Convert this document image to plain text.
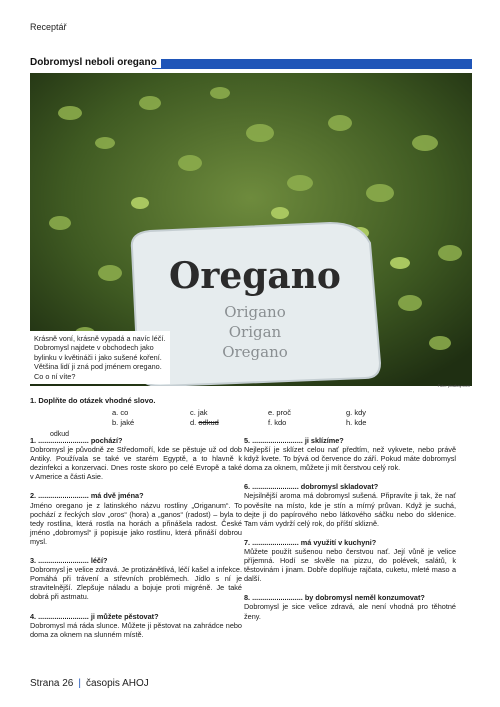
Receptář
Dobromysl neboli oregano
Oregano
Origano
Origan
Oregano
Krásně voní, krásně vypadá a navíc léčí. Dobromysl najdete v obchodech jako bylinku v květináči i jako sušené koření. Většina lidí ji zná pod jménem oregano. Co o ní víte?
Foto: pixabay.com
1. Doplňte do otázek vhodné slovo.
a. co
b. jaké
c. jak
d. odkud
e. proč
f. kdo
g. kdy
h. kde
odkud
1. ......................... pochází?
Dobromysl je původně ze Středomoří, kde se pěstuje už od dob Antiky. Používala se také ve starém Egyptě, a to hlavně k dezinfekci a konzervaci. Dnes roste skoro po celé Evropě a také v Americe a části Asie.
2. ......................... má dvě jména?
Jméno oregano je z latinského názvu rostliny „Origanum“. To pochází z řeckých slov „oros“ (hora) a „ganos“ (radost) – byla to tedy rostlina, která rostla na horách a přinášela radost. České jméno „dobromysl“ ji popisuje jako rostlinu, která přináší dobrou mysl.
3. ......................... léčí?
Dobromysl je velice zdravá. Je protizánětlivá, léčí kašel a infekce. Pomáhá při trávení a střevních problémech. Jídlo s ní je stravitelnější. Zlepšuje náladu a bojuje proti migréně. Je také dobrá při astmatu.
4. ......................... ji můžete pěstovat?
Dobromysl má ráda slunce. Můžete ji pěstovat na zahrádce nebo doma za oknem na slunném místě.
5. ......................... ji sklízíme?
Nejlepší je sklízet celou nať předtím, než vykvete, nebo právě když kvete. To bývá od července do září. Pokud máte dobromysl doma za oknem, můžete ji mít čerstvou celý rok.
6. ....................... dobromysl skladovat?
Nejsilnější aroma má dobromysl sušená. Připravíte ji tak, že nať pověsíte na místo, kde je stín a mírný průvan. Když je suchá, dejte ji do papírového nebo látkového sáčku nebo do sklenice. Tam vám vydrží celý rok, do příští sklizně.
7. ....................... má využití v kuchyni?
Můžete použít sušenou nebo čerstvou nať. Její vůně je velice příjemná. Hodí se skvěle na pizzu, do polévek, salátů, k těstovinám i jinam. Dobře doplňuje rajčata, cuketu, mleté maso a další.
8. ......................... by dobromysl neměl konzumovat?
Dobromysl je sice velice zdravá, ale není vhodná pro těhotné ženy.
Strana 26 | časopis AHOJ
